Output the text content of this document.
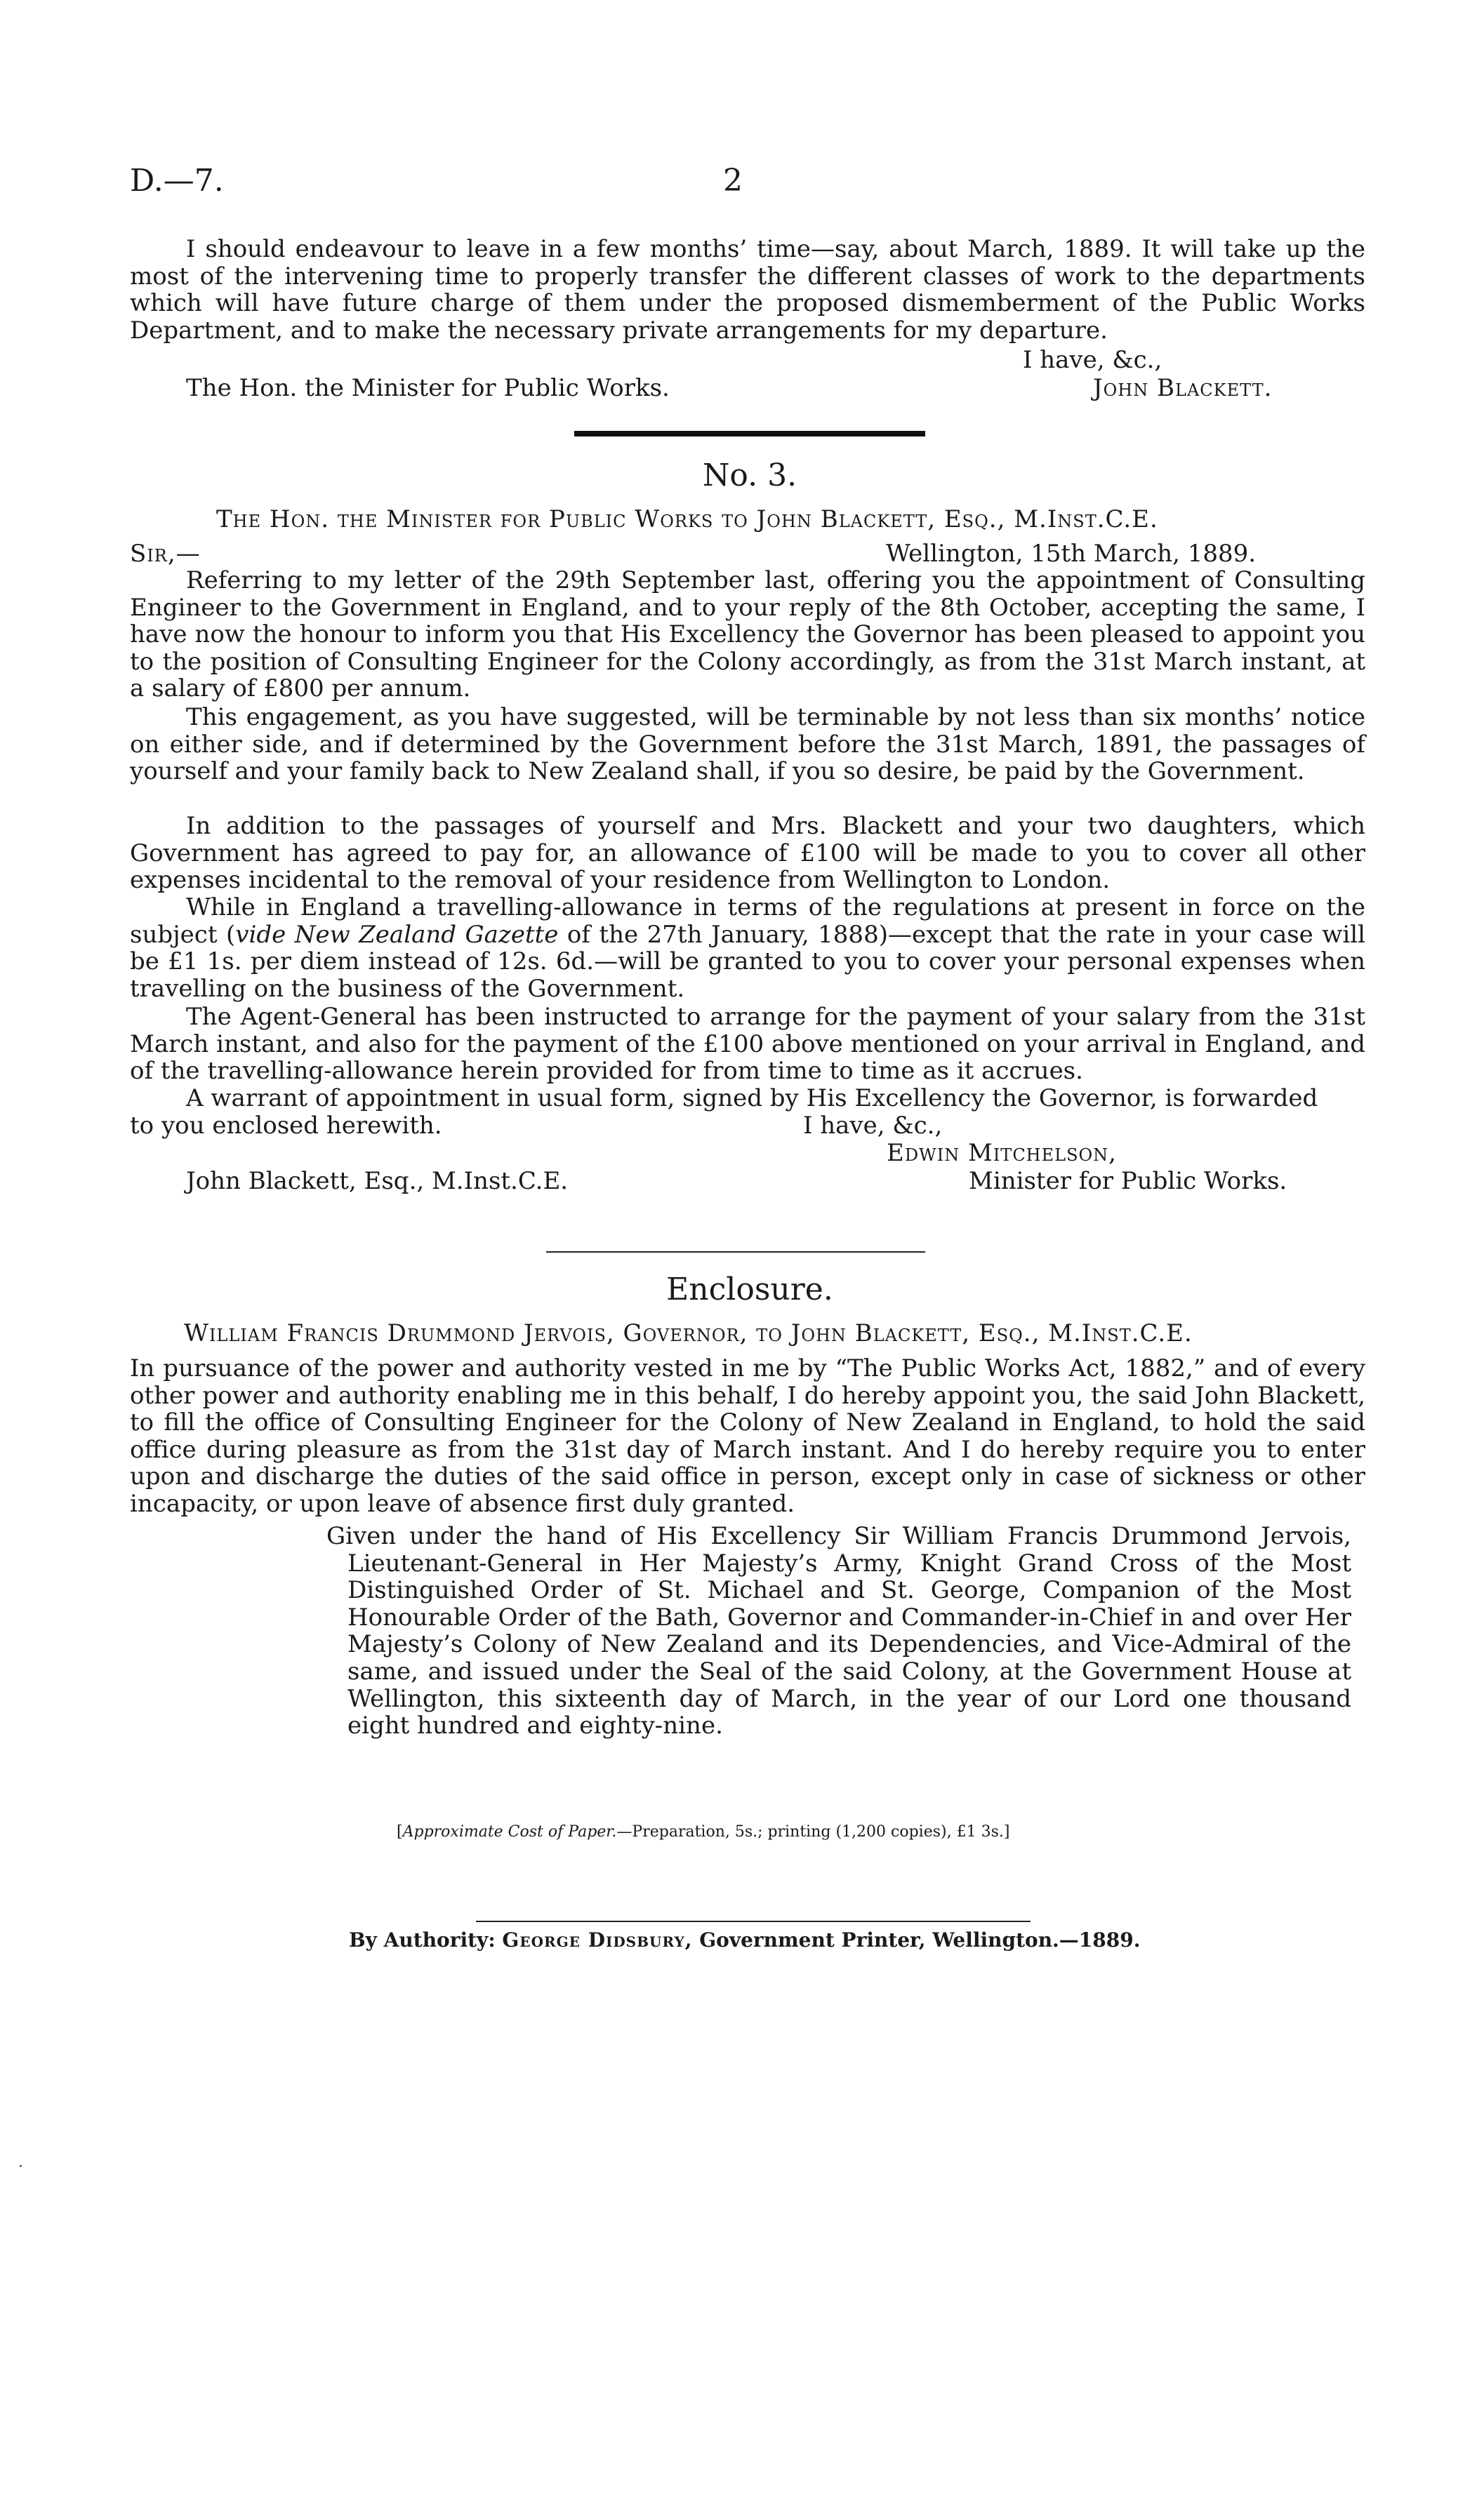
D.—7.	2
I should endeavour to leave in a few months’ time—say, about March, 1889. It will take up the most of the intervening time to properly transfer the different classes of work to the departments which will have future charge of them under the proposed dismemberment of the Public Works Department, and to make the necessary private arrangements for my departure.
I have, &c.,
The Hon. the Minister for Public Works.	John Blackett.
No. 3.
The Hon. the Minister for Public Works to John Blackett, Esq., M.Inst.C.E.
Sir,—	Wellington, 15th March, 1889.
Referring to my letter of the 29th September last, offering you the appointment of Consulting Engineer to the Government in England, and to your reply of the 8th October, accepting the same, I have now the honour to inform you that His Excellency the Governor has been pleased to appoint you to the position of Consulting Engineer for the Colony accordingly, as from the 31st March instant, at a salary of £800 per annum.
This engagement, as you have suggested, will be terminable by not less than six months’ notice on either side, and if determined by the Government before the 31st March, 1891, the passages of yourself and your family back to New Zealand shall, if you so desire, be paid by the Government.
In addition to the passages of yourself and Mrs. Blackett and your two daughters, which Government has agreed to pay for, an allowance of £100 will be made to you to cover all other expenses incidental to the removal of your residence from Wellington to London.
While in England a travelling-allowance in terms of the regulations at present in force on the subject (vide New Zealand Gazette of the 27th January, 1888)—except that the rate in your case will be £1 1s. per diem instead of 12s. 6d.—will be granted to you to cover your personal expenses when travelling on the business of the Government.
The Agent-General has been instructed to arrange for the payment of your salary from the 31st March instant, and also for the payment of the £100 above mentioned on your arrival in England, and of the travelling-allowance herein provided for from time to time as it accrues.
A warrant of appointment in usual form, signed by His Excellency the Governor, is forwarded
to you enclosed herewith.	I have, &c.,
Edwin Mitchelson,
John Blackett, Esq., M.Inst.C.E.	Minister for Public Works.
Enclosure.
William Francis Drummond Jervois, Governor, to John Blackett, Esq., M.Inst.C.E.
In pursuance of the power and authority vested in me by “The Public Works Act, 1882,” and of every other power and authority enabling me in this behalf, I do hereby appoint you, the said John Blackett, to fill the office of Consulting Engineer for the Colony of New Zealand in England, to hold the said office during pleasure as from the 31st day of March instant. And I do hereby require you to enter upon and discharge the duties of the said office in person, except only in case of sickness or other incapacity, or upon leave of absence first duly granted.
Given under the hand of His Excellency Sir William Francis Drummond Jervois, Lieutenant-General in Her Majesty’s Army, Knight Grand Cross of the Most Distinguished Order of St. Michael and St. George, Companion of the Most Honourable Order of the Bath, Governor and Commander-in-Chief in and over Her Majesty’s Colony of New Zealand and its Dependencies, and Vice-Admiral of the same, and issued under the Seal of the said Colony, at the Government House at Wellington, this sixteenth day of March, in the year of our Lord one thousand eight hundred and eighty-nine.
[Approximate Cost of Paper.—Preparation, 5s.; printing (1,200 copies), £1 3s.]
By Authority: George Didsbury, Government Printer, Wellington.—1889.
